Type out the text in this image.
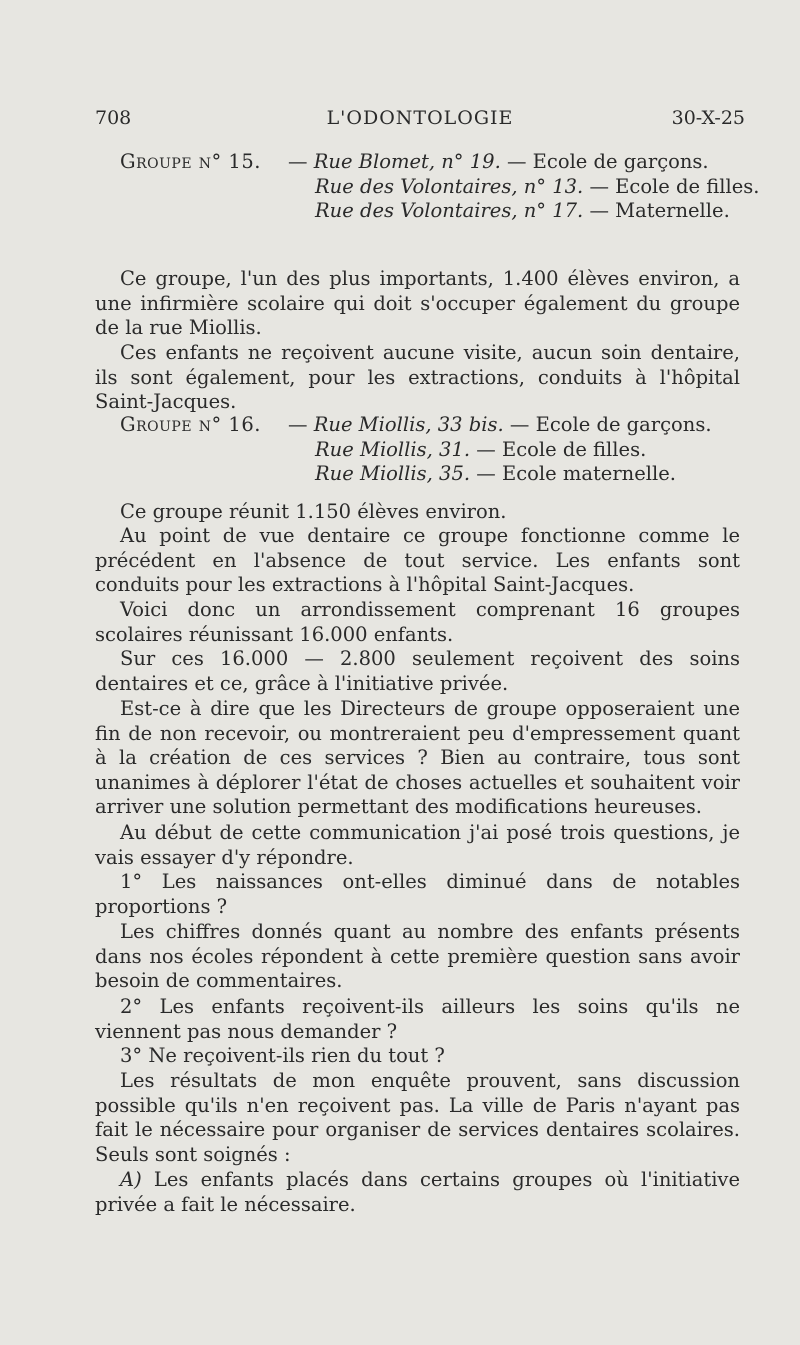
708	L'ODONTOLOGIE	30-X-25
Groupe n° 15. — Rue Blomet, n° 19. — Ecole de garçons.
Rue des Volontaires, n° 13. — Ecole de filles.
Rue des Volontaires, n° 17. — Maternelle.

Ce groupe, l'un des plus importants, 1.400 élèves environ, a une infirmière scolaire qui doit s'occuper également du groupe de la rue Miollis.

Ces enfants ne reçoivent aucune visite, aucun soin dentaire, ils sont également, pour les extractions, conduits à l'hôpital Saint-Jacques.

Groupe n° 16. — Rue Miollis, 33 bis. — Ecole de garçons.
Rue Miollis, 31. — Ecole de filles.
Rue Miollis, 35. — Ecole maternelle.

Ce groupe réunit 1.150 élèves environ.

Au point de vue dentaire ce groupe fonctionne comme le précédent en l'absence de tout service. Les enfants sont conduits pour les extractions à l'hôpital Saint-Jacques.

Voici donc un arrondissement comprenant 16 groupes scolaires réunissant 16.000 enfants.

Sur ces 16.000 — 2.800 seulement reçoivent des soins dentaires et ce, grâce à l'initiative privée.

Est-ce à dire que les Directeurs de groupe opposeraient une fin de non recevoir, ou montreraient peu d'empressement quant à la création de ces services ? Bien au contraire, tous sont unanimes à déplorer l'état de choses actuelles et souhaitent voir arriver une solution permettant des modifications heureuses.

Au début de cette communication j'ai posé trois questions, je vais essayer d'y répondre.

1° Les naissances ont-elles diminué dans de notables proportions ?

Les chiffres donnés quant au nombre des enfants présents dans nos écoles répondent à cette première question sans avoir besoin de commentaires.

2° Les enfants reçoivent-ils ailleurs les soins qu'ils ne viennent pas nous demander ?

3° Ne reçoivent-ils rien du tout ?

Les résultats de mon enquête prouvent, sans discussion possible qu'ils n'en reçoivent pas. La ville de Paris n'ayant pas fait le nécessaire pour organiser de services dentaires scolaires. Seuls sont soignés :

A) Les enfants placés dans certains groupes où l'initiative privée a fait le nécessaire.
